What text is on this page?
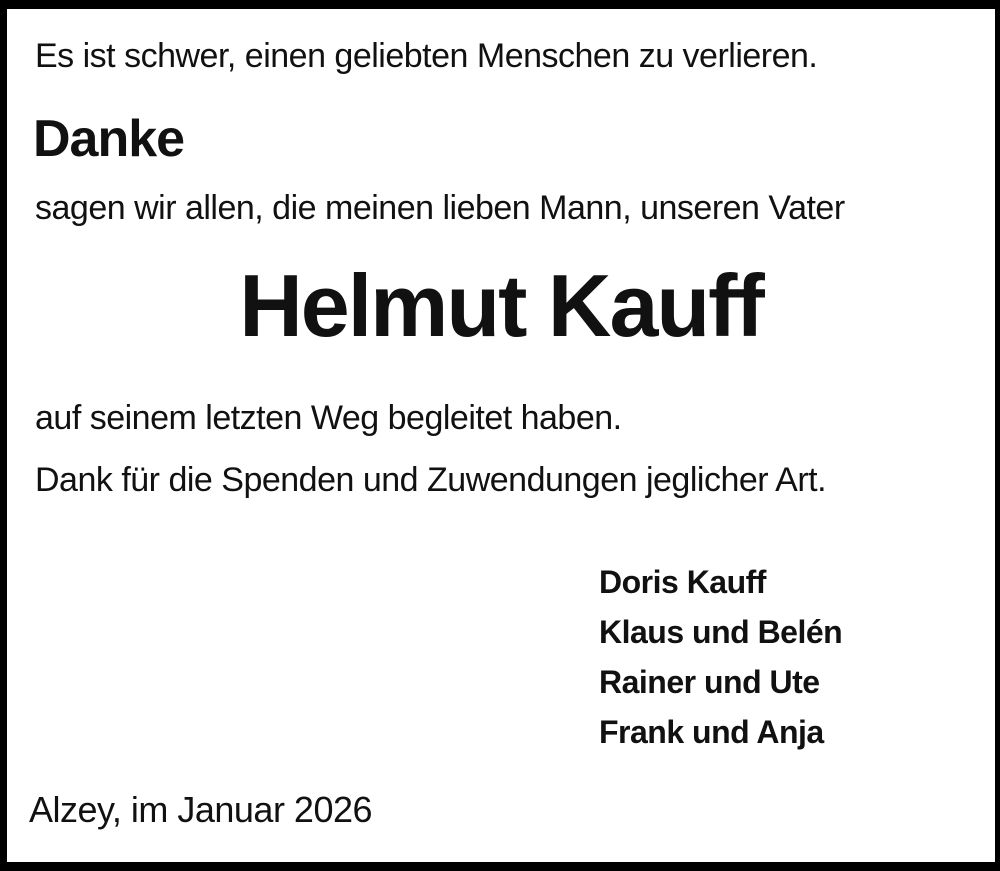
Es ist schwer, einen geliebten Menschen zu verlieren.
Danke
sagen wir allen, die meinen lieben Mann, unseren Vater
Helmut Kauff
auf seinem letzten Weg begleitet haben.
Dank für die Spenden und Zuwendungen jeglicher Art.
Doris Kauff
Klaus und Belén
Rainer und Ute
Frank und Anja
Alzey, im Januar 2026
